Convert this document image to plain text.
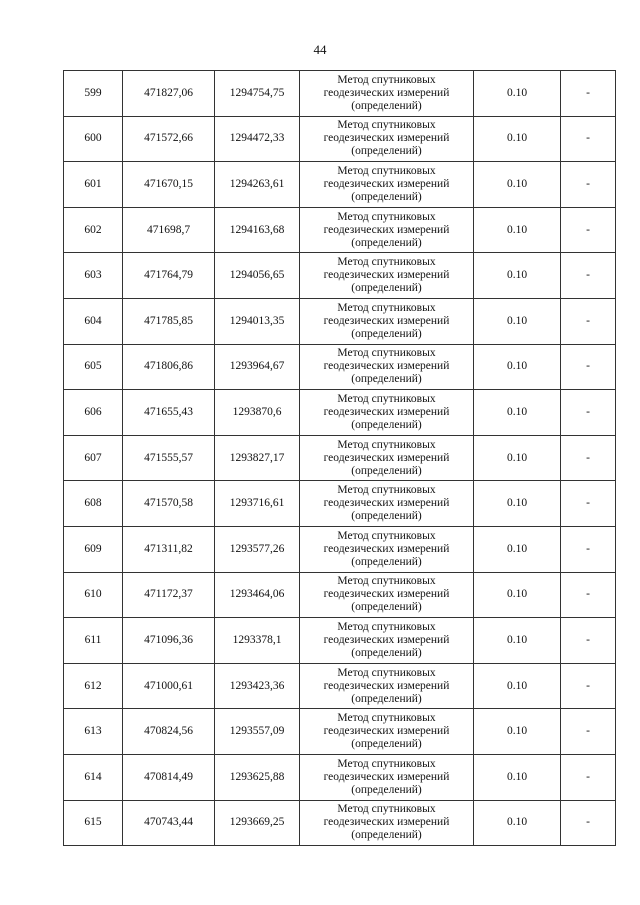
44
599	471827,06	1294754,75	Метод спутниковых
геодезических измерений
(определений)	0.10	-
600	471572,66	1294472,33	Метод спутниковых
геодезических измерений
(определений)	0.10	-
601	471670,15	1294263,61	Метод спутниковых
геодезических измерений
(определений)	0.10	-
602	471698,7	1294163,68	Метод спутниковых
геодезических измерений
(определений)	0.10	-
603	471764,79	1294056,65	Метод спутниковых
геодезических измерений
(определений)	0.10	-
604	471785,85	1294013,35	Метод спутниковых
геодезических измерений
(определений)	0.10	-
605	471806,86	1293964,67	Метод спутниковых
геодезических измерений
(определений)	0.10	-
606	471655,43	1293870,6	Метод спутниковых
геодезических измерений
(определений)	0.10	-
607	471555,57	1293827,17	Метод спутниковых
геодезических измерений
(определений)	0.10	-
608	471570,58	1293716,61	Метод спутниковых
геодезических измерений
(определений)	0.10	-
609	471311,82	1293577,26	Метод спутниковых
геодезических измерений
(определений)	0.10	-
610	471172,37	1293464,06	Метод спутниковых
геодезических измерений
(определений)	0.10	-
611	471096,36	1293378,1	Метод спутниковых
геодезических измерений
(определений)	0.10	-
612	471000,61	1293423,36	Метод спутниковых
геодезических измерений
(определений)	0.10	-
613	470824,56	1293557,09	Метод спутниковых
геодезических измерений
(определений)	0.10	-
614	470814,49	1293625,88	Метод спутниковых
геодезических измерений
(определений)	0.10	-
615	470743,44	1293669,25	Метод спутниковых
геодезических измерений
(определений)	0.10	-
